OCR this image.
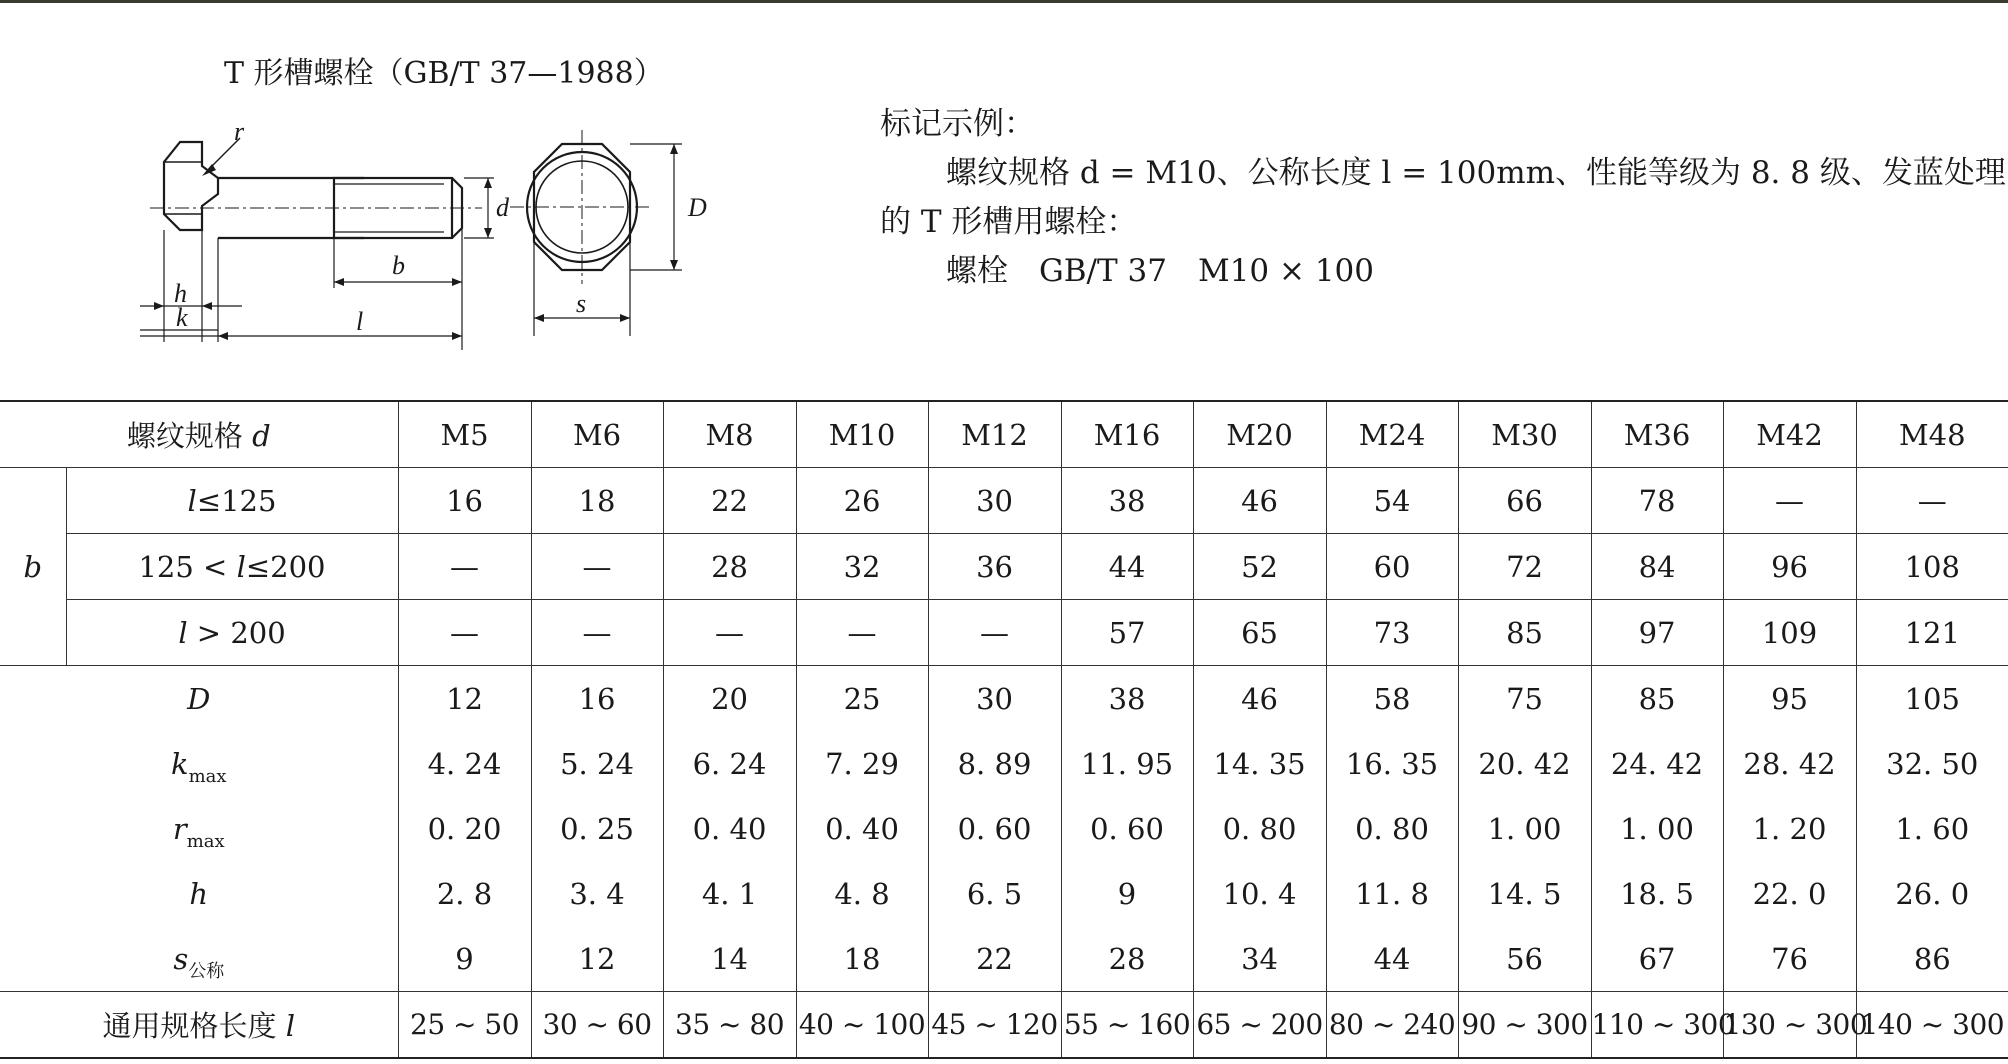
T 形槽螺栓（GB/T 37—1988）
r
d
b
h
k	l
D
s
标记示例：
螺纹规格 d = M10、公称长度 l = 100mm、性能等级为 8. 8 级、发蓝处理
的 T 形槽用螺栓：
螺栓　GB/T 37　M10 × 100
螺纹规格 d		M5	M6	M8	M10	M12	M16	M20	M24	M30	M36	M42	M48
b	l≤125	16	18	22	26	30	38	46	54	66	78	—	—
	125 < l≤200	—	—	28	32	36	44	52	60	72	84	96	108
	l > 200	—	—	—	—	—	57	65	73	85	97	109	121
D		12	16	20	25	30	38	46	58	75	85	95	105
$k_{max}$		4. 24	5. 24	6. 24	7. 29	8. 89	11. 95	14. 35	16. 35	20. 42	24. 42	28. 42	32. 50
$r_{max}$		0. 20	0. 25	0. 40	0. 40	0. 60	0. 60	0. 80	0. 80	1. 00	1. 00	1. 20	1. 60
h		2. 8	3. 4	4. 1	4. 8	6. 5	9	10. 4	11. 8	14. 5	18. 5	22. 0	26. 0
$s_{公称}$		9	12	14	18	22	28	34	44	56	67	76	86
通用规格长度 l		25 ~ 50	30 ~ 60	35 ~ 80	40 ~ 100	45 ~ 120	55 ~ 160	65 ~ 200	80 ~ 240	90 ~ 300	110 ~ 300	130 ~ 300	140 ~ 300
